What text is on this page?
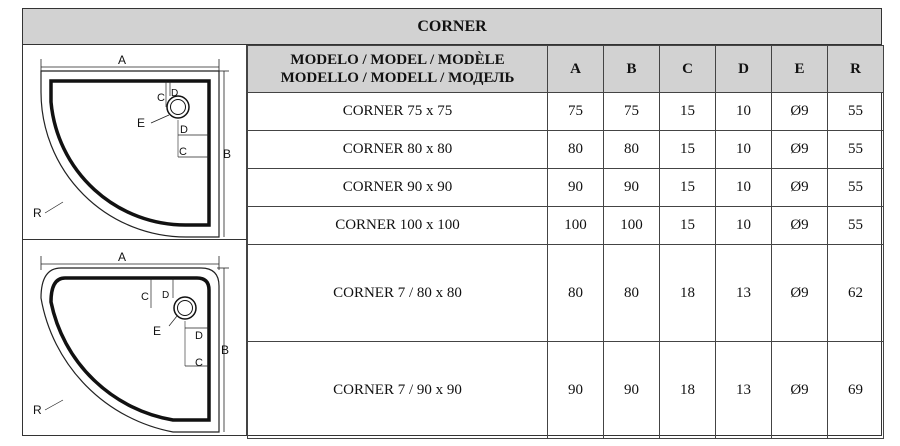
CORNER
A
C D
E	D
C	B
R
A
C D
E	D
C
B
R
MODELO / MODEL / MODÈLE
MODELLO / MODELL / МОДЕЛЬ	A	B	C	D	E	R
CORNER 75 x 75	75	75	15	10	Ø9	55
CORNER 80 x 80	80	80	15	10	Ø9	55
CORNER 90 x 90	90	90	15	10	Ø9	55
CORNER 100 x 100	100	100	15	10	Ø9	55
CORNER 7 / 80 x 80	80	80	18	13	Ø9	62
CORNER 7 / 90 x 90	90	90	18	13	Ø9	69
